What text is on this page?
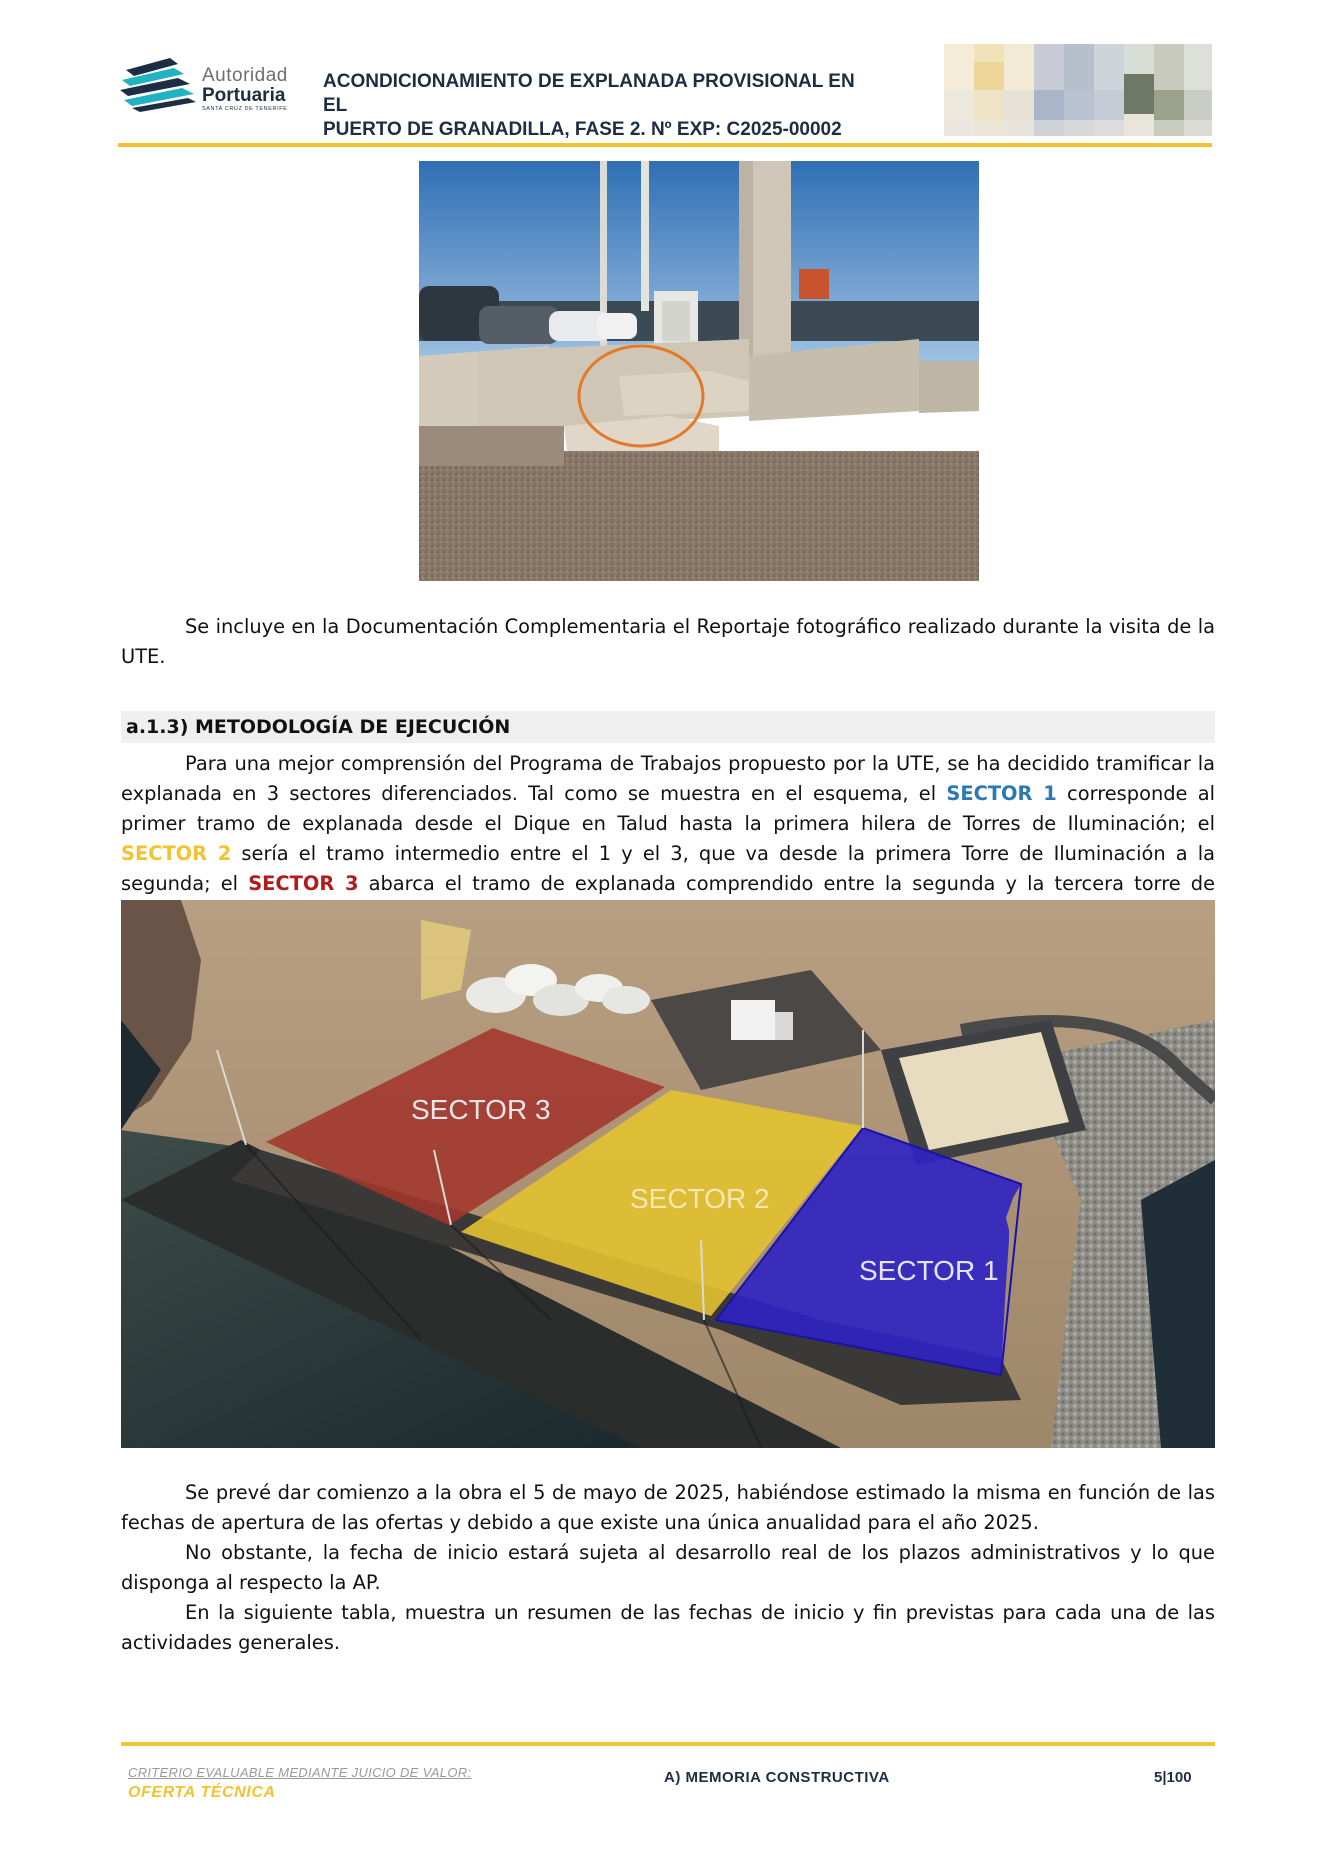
Autoridad
Portuaria
SANTA CRUZ DE TENERIFE
ACONDICIONAMIENTO DE EXPLANADA PROVISIONAL EN EL
PUERTO DE GRANADILLA, FASE 2. Nº EXP: C2025-00002

Se incluye en la Documentación Complementaria el Reportaje fotográfico realizado durante la visita de la UTE.

a.1.3) METODOLOGÍA DE EJECUCIÓN

Para una mejor comprensión del Programa de Trabajos propuesto por la UTE, se ha decidido tramificar la explanada en 3 sectores diferenciados. Tal como se muestra en el esquema, el SECTOR 1 corresponde al primer tramo de explanada desde el Dique en Talud hasta la primera hilera de Torres de Iluminación; el SECTOR 2 sería el tramo intermedio entre el 1 y el 3, que va desde la primera Torre de Iluminación a la segunda; el SECTOR 3 abarca el tramo de explanada comprendido entre la segunda y la tercera torre de

SECTOR 3
SECTOR 2
SECTOR 1

Se prevé dar comienzo a la obra el 5 de mayo de 2025, habiéndose estimado la misma en función de las fechas de apertura de las ofertas y debido a que existe una única anualidad para el año 2025.

No obstante, la fecha de inicio estará sujeta al desarrollo real de los plazos administrativos y lo que disponga al respecto la AP.

En la siguiente tabla, muestra un resumen de las fechas de inicio y fin previstas para cada una de las actividades generales.

CRITERIO EVALUABLE MEDIANTE JUICIO DE VALOR:
OFERTA TÉCNICA
A) MEMORIA CONSTRUCTIVA	5|100
